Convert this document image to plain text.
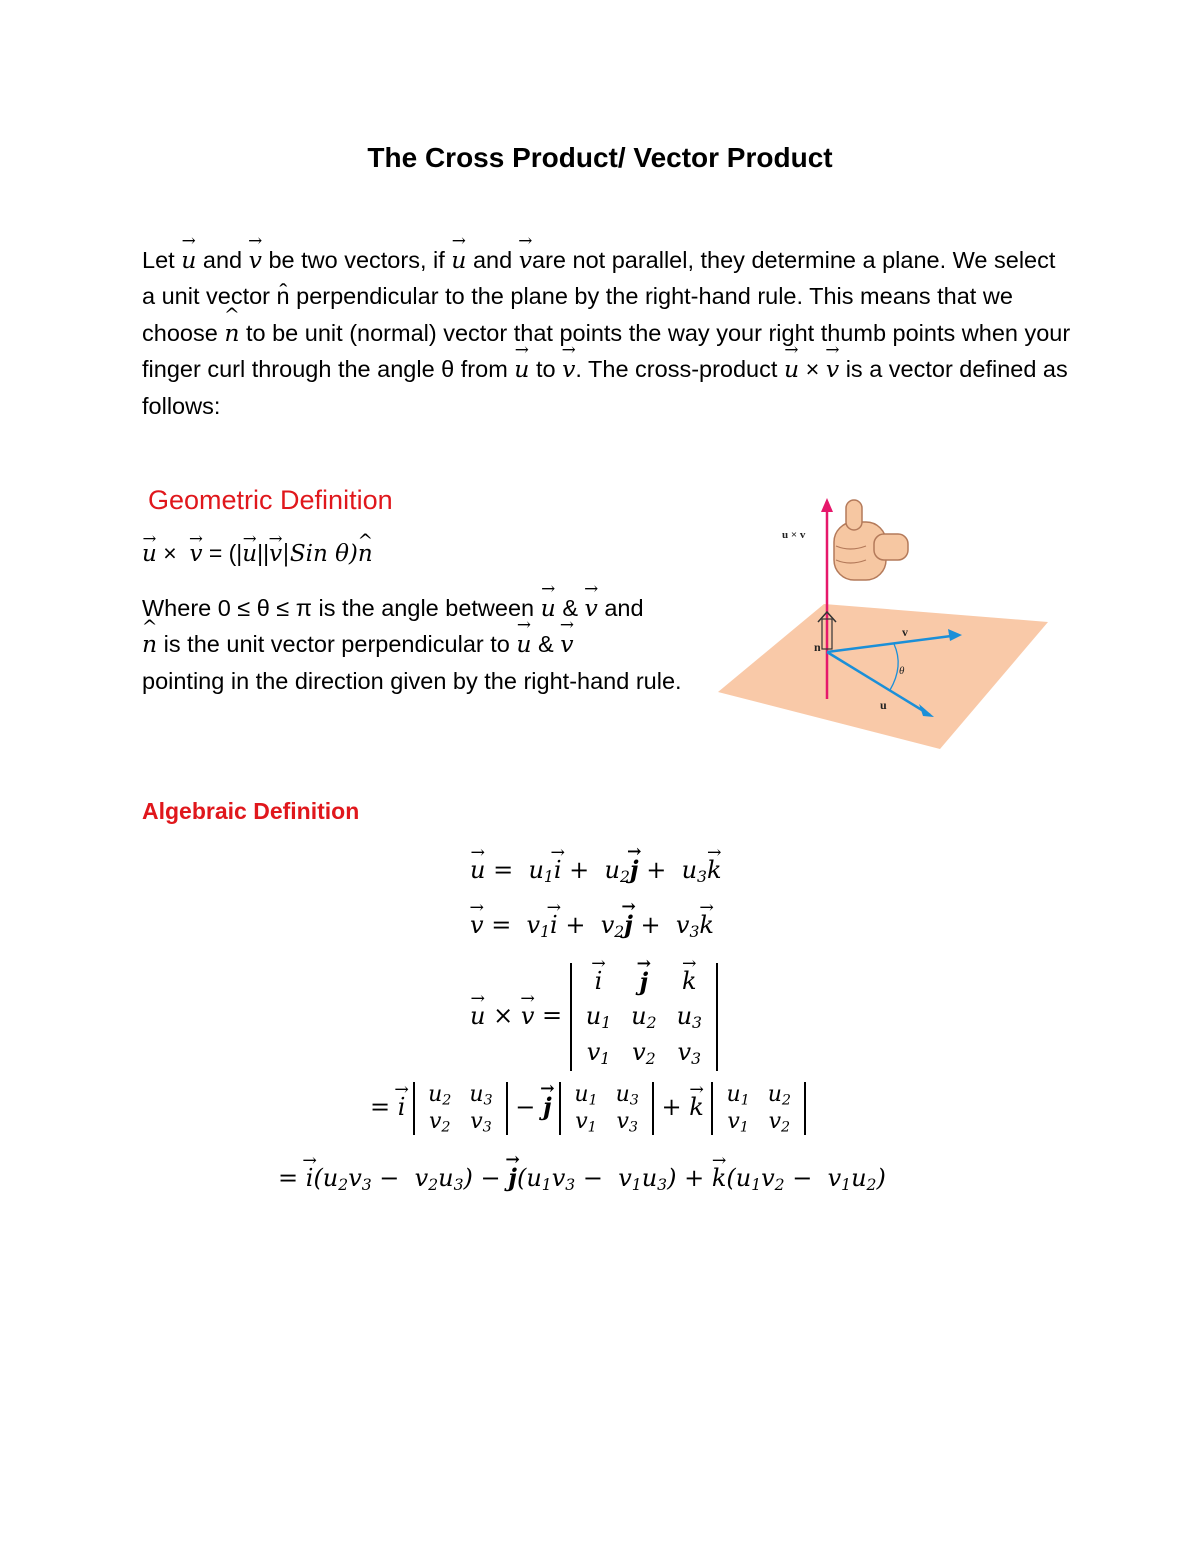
The Cross Product/ Vector Product
Let → u and → v be two vectors, if → u and → vare not parallel, they determine a plane. We select a unit vector n̂ perpendicular to the plane by the right-hand rule. This means that we choose ^ n to be unit (normal) vector that points the way your right thumb points when your finger curl through the angle θ from → u to → v. The cross-product → u × → v is a vector defined as follows:
Geometric Definition
→ u ×  → v = (|→ u||→ v|Sin θ)^ n
Where 0 ≤ θ ≤ π is the angle between → u & → v and
^ n is the unit vector perpendicular to → u & → v
pointing in the direction given by the right-hand rule.
u × v
v
u
n
θ
Algebraic Definition
→ $u = u_1\to i + u_2\to j + u_3\to k$
→ $v = v_1\to i + v_2\to j + v_3\to k$
→ u × → v =
→ i	→ j	→ k
$u_1$	$u_2$	$u_3$
$v_1$	$v_2$	$v_3$
= → i $u_2$	$u_3$
$v_2$	$v_3$
− → j $u_1$	$u_3$
$v_1$	$v_3$
+ → k $u_1$	$u_2$
$v_1$	$v_2$
= → $i(u_2v_3 - v_2u_3)$ − → $j(u_1v_3 - v_1u_3)$ + → $k(u_1v_2 - v_1u_2)$
